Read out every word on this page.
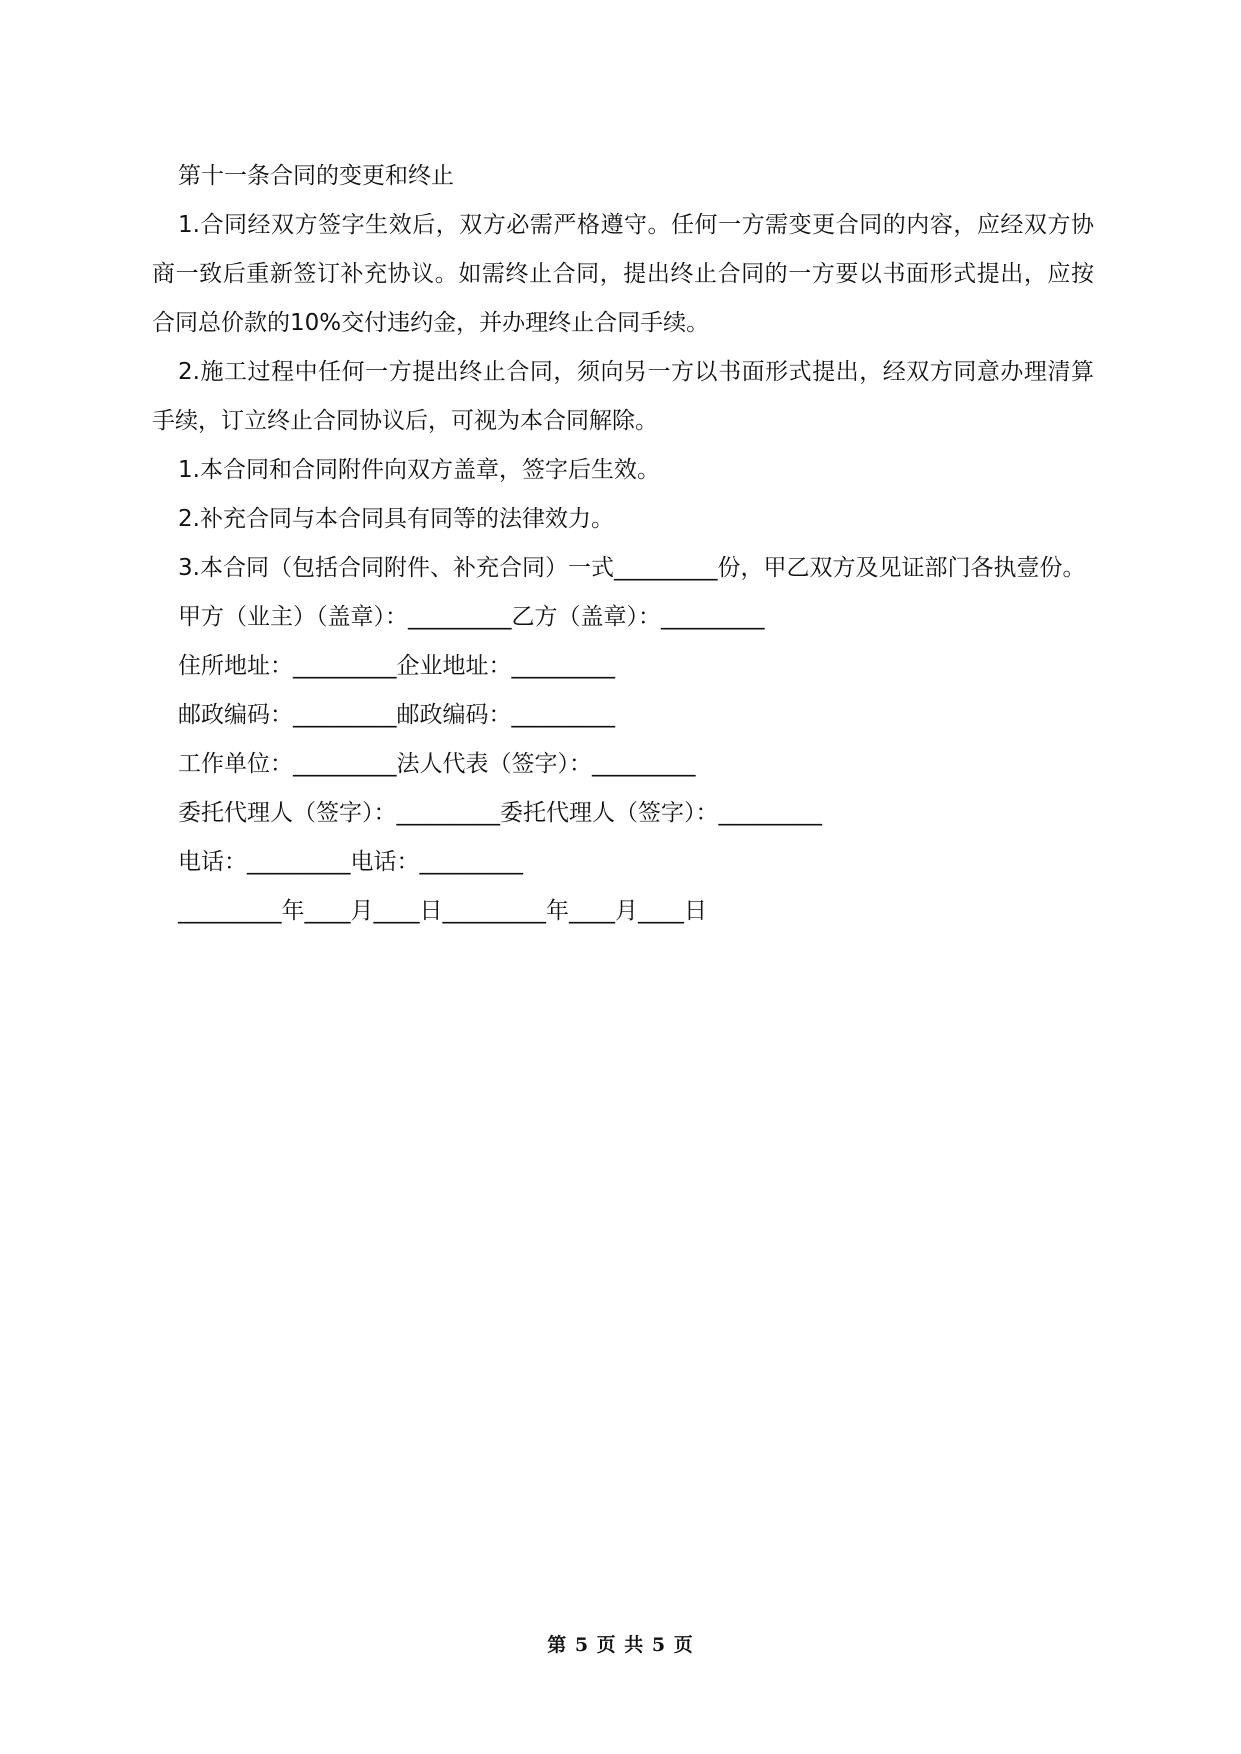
第十一条合同的变更和终止

1.合同经双方签字生效后，双方必需严格遵守。任何一方需变更合同的内容，应经双方协商一致后重新签订补充协议。如需终止合同，提出终止合同的一方要以书面形式提出，应按合同总价款的10%交付违约金，并办理终止合同手续。

2.施工过程中任何一方提出终止合同，须向另一方以书面形式提出，经双方同意办理清算手续，订立终止合同协议后，可视为本合同解除。

1.本合同和合同附件向双方盖章，签字后生效。

2.补充合同与本合同具有同等的法律效力。

3.本合同（包括合同附件、补充合同）一式_________份，甲乙双方及见证部门各执壹份。

甲方（业主）（盖章）：_________乙方（盖章）：_________

住所地址：_________企业地址：_________

邮政编码：_________邮政编码：_________

工作单位：_________法人代表（签字）：_________

委托代理人（签字）：_________委托代理人（签字）：_________

电话：_________电话：_________

_________年____月____日_________年____月____日

第 5 页 共 5 页
